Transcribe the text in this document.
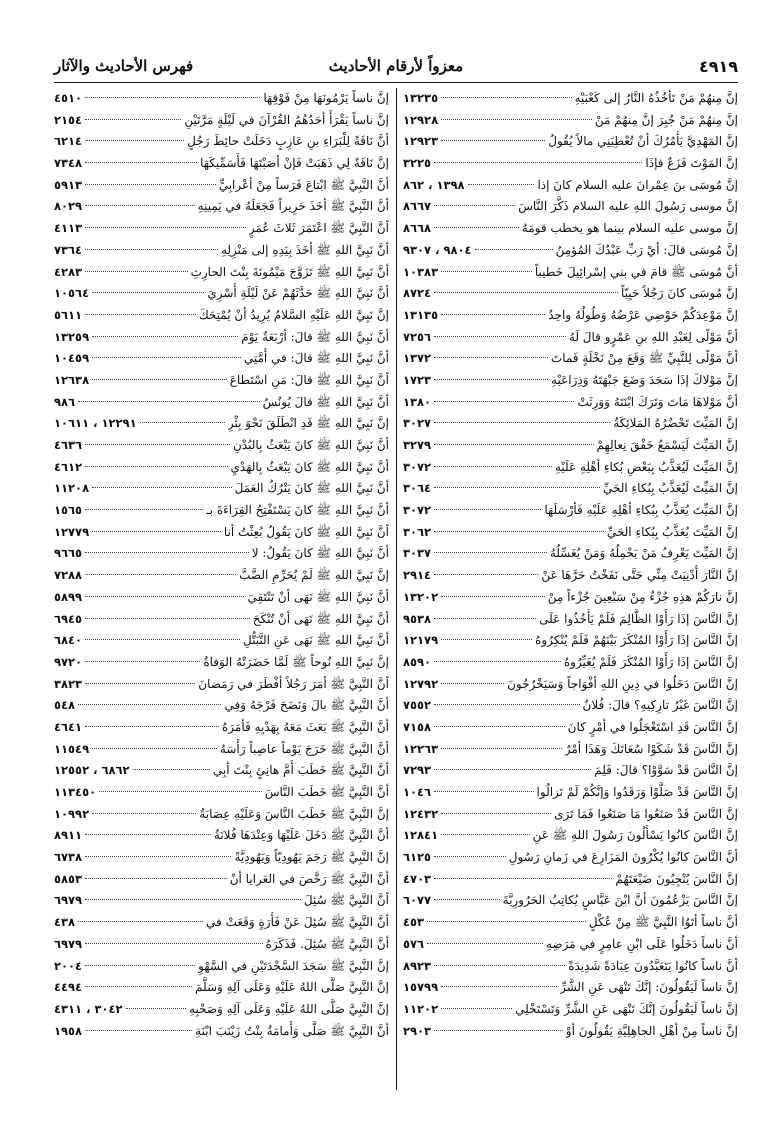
٤٩١٩
معزواً لأرقام الأحاديث
فهرس الأحاديث والآثار
إنَّ مِنهُمْ مَنْ تَأخُذُهُ النَّارُ إلى كَعْبَيْهِ
١٣٢٣٥
إنَّ مِنهُمْ مَنْ جُبِرَ إنَّ مِنهُمْ مَنْ
١٢٩٢٨
إنَّ المَهْدِيَّ يَأْمُرُكَ أنْ تُعْطِيَنِي مالاً يُقُولُ
١٢٩٢٣
إنَّ المَوْتَ فَزَعٌ فإذَا
٣٢٢٥
إنَّ مُوسَى بنَ عِمْرانَ عليه السلام كانَ إذا
١٣٩٨ ، ٨٦٢
إنَّ موسى رَسُولَ اللهِ عليه السلام ذَكَّرَ النَّاسَ
٨٦٦٧
إنَّ موسى عليه السلام بينما هو يخطب قومَهُ
٨٦٦٨
إنَّ مُوسَى قالَ: أيْ رَبِّ عَبْدُكَ المُؤمِنُ
٩٨٠٤ ، ٩٣٠٧
أنَّ مُوسَى ﷺ قامَ في بني إسْرائِيلَ خَطيباً
١٠٣٨٣
إنَّ مُوسَى كانَ رَجُلاً حَيِيّاً
٨٧٢٤
إنَّ مَوْعِدَكُمْ حَوْضِي عَرْضُهُ وَطُولُهُ واحِدٌ
١٣١٣٥
أنَّ مَوْلًى لِعَبْدِ اللهِ بنِ عَمْرٍو قالَ لَهُ
٧٢٥٦
أنَّ مَوْلًى لِلنَّبِيِّ ﷺ وَقَعَ مِنْ نَخْلَةٍ فَماتَ
١٣٧٢
إنَّ مَوْلاكَ إذَا سَجَدَ وَضَعَ جَبْهَتَهُ وَذِرَاعَيْهِ
١٧٢٣
أنَّ مَوْلاهَا مَاتَ وَتَرَكَ ابْنَتَهُ وَوَرِثَتْ
١٣٨٠
إنَّ المَيِّتَ تَحْضُرُهُ المَلائِكَةُ
٣٠٢٧
إنَّ المَيِّتَ لَيَسْمَعُ خَفْقَ نِعالِهِمْ
٣٢٧٩
إنَّ المَيِّتَ لَيُعَذَّبُ بِبَعْضِ بُكاءِ أهْلِهِ عَلَيْهِ
٣٠٧٢
إنَّ المَيِّتَ لَيُعَذَّبُ بِبُكاءِ الحَيِّ
٣٠٦٤
إنَّ المَيِّتَ يُعَذَّبُ بِبُكاءِ أهْلِهِ عَلَيْهِ فَأرْسَلَهَا
٣٠٧٢
إنَّ المَيِّتَ يُعَذَّبُ بِبُكاءِ الحَيِّ
٣٠٦٢
إنَّ المَيِّتَ يَعْرِفُ مَنْ يَحْمِلُهُ وَمَنْ يُغَسِّلُهُ
٣٠٣٧
إنَّ النَّارَ أُدْنِيَتْ مِنِّي حَتَّى نَفَخْتُ حَرَّهَا عَنْ
٢٩١٤
إنَّ نارَكُمْ هذِهِ جُزْءٌ مِنْ سَبْعِينَ جُزْءاً مِنْ
١٣٢٠٢
إنَّ النَّاسَ إذَا رَأَوْا الظَّالِمَ فَلَمْ يَأْخُذُوا عَلَى
٩٥٣٨
إنَّ النَّاسَ إذَا رَأَوْا المُنْكَرَ بَيْنَهُمْ فَلَمْ يُنْكِرُوهُ
١٢١٧٩
إنَّ النَّاسَ إذَا رَأَوْا المُنْكَرَ فَلَمْ يُغَيِّرُوهُ
٨٥٩٠
إنَّ النَّاسَ دَخَلُوا في دِينِ اللهِ أفْوَاجاً وَسَيَخْرُجُونَ
١٢٧٩٢
إنَّ النَّاسَ غَيْرُ تارِكِيهِ؟ قالَ: فُلانٌ
٧٥٥٢
إنَّ النَّاسَ قَدِ اسْتَعْجَلُوا في أمْرٍ كانَ
٧١٥٨
إنَّ النَّاسَ قَدْ شَكَوْا سُعَاتَكَ وَهَذَا أمْرٌ
١٢٢٦٣
إنَّ النَّاسَ قَدْ سَوَّوْا؟ قالَ: فَلِمَ
٧٢٩٣
إنَّ النَّاسَ قَدْ صَلَّوْا وَرَقَدُوا وَإنَّكُمْ لَمْ تَزالُوا
١٠٤٦
إنَّ النَّاسَ قَدْ صَنَعُوا مَا صَنَعُوا فَمَا تَرَى
١٢٤٣٢
إنَّ النَّاسَ كانُوا يَسْأَلُونَ رَسُولَ اللهِ ﷺ عَنِ
١٢٨٤١
أنَّ النَّاسَ كانُوا يُكْرُونَ المَزَارِعَ في زَمانِ رَسُولِ
٦١٢٥
إنَّ النَّاسَ يُنْجِيُونَ ضَيْعَتَهُمْ
٤٧٠٣
إنَّ النَّاسَ يَزْعُمُونَ أنَّ ابْنَ عَبَّاسٍ يُكاتِبُ الحَرُورِيَّةَ
٦٠٧٧
أنَّ ناساً أتَوُا النَّبِيَّ ﷺ مِنْ عُكْلٍ
٤٥٣
أنَّ ناساً دَخَلُوا عَلَى ابْنِ عامِرٍ في مَرَضِهِ
٥٧٦
أنَّ ناساً كانُوا يَتَعَبَّدُونَ عِبَادَةً شَدِيدَةً
٨٩٢٣
إنَّ ناساً لَيَقُولُونَ: إنَّكَ تَنْهَى عَنِ الشَّرِّ
١٥٧٩٩
إنَّ ناساً لَيَقُولُونَ إنَّكَ تَنْهَى عَنِ الشَّرِّ وَتَسْتَخْلِي
١١٢٠٢
إنَّ ناساً مِنْ أهْلِ الجاهِلِيَّةِ يَقُولُونَ أوْ
٢٩٠٣
إنَّ ناساً يَرْمُونَهَا مِنْ فَوْقِهَا
٤٥١٠
إنَّ ناساً يَقْرَأُ أحَدُهُمُ القُرْآنَ في لَيْلَةٍ مَرَّتَيْنِ
٢١٥٤
أنَّ نَاقَةً لِلْبَرَاءِ بنِ عَازِبٍ دَخَلَتْ حائِطَ رَجُلٍ
٦٢١٤
إنَّ نَاقَةً لِي ذَهَبَتْ فَإنْ أصَبْتَهَا فَأَسَمِّيكَهَا
٧٣٤٨
أنَّ النَّبِيَّ ﷺ ابْتاعَ فَرَساً مِنْ أعْرابِيٍّ
٥٩١٣
أنَّ النَّبِيَّ ﷺ أخَذَ حَرِيراً فَجَعَلَهُ في يَمِينِهِ
٨٠٢٩
أنَّ النَّبِيَّ ﷺ اعْتَمَرَ ثَلاثَ عُمَرٍ
٤١١٣
أنَّ نَبِيَّ اللهِ ﷺ أخَذَ بِيَدِهِ إلى مَنْزِلِهِ
٧٣٦٤
أنَّ نَبِيَّ اللهِ ﷺ تَزَوَّجَ مَيْمُونَةَ بِنْتَ الحارِثِ
٤٢٨٣
أنَّ نَبِيَّ اللهِ ﷺ حَدَّثَهُمْ عَنْ لَيْلَةِ أُسْرِيَ
١٠٥٦٤
إنَّ نَبِيَّ اللهِ عَلَيْهِ السَّلامُ يُرِيدُ أنْ يُمْتِحَكَ
٥٦١١
أنَّ نَبِيَّ اللهِ ﷺ قالَ: أرْبَعَةٌ يَوْمَ
١٣٢٥٩
أنَّ نَبِيَّ اللهِ ﷺ قالَ: في أُمَّتِي
١٠٤٥٩
أنَّ نَبِيَّ اللهِ ﷺ قالَ: مَنِ اسْتَطاعَ
١٢٦٣٨
أنَّ نَبِيَّ اللهِ ﷺ قالَ يُونُسُ
٩٨٦
إنَّ نَبِيَّ اللهِ ﷺ قَدِ انْطَلَقَ نَحْوَ بِئْرِ
١٢٢٩١ ، ١٠٦١١
أنَّ نَبِيَّ اللهِ ﷺ كانَ يَبْعَثُ بِالبُدْنِ
٤٦٣٦
أنَّ نَبِيَّ اللهِ ﷺ كانَ يَبْعَثُ بِالهَدْيِ
٤٦١٢
أنَّ نَبِيَّ اللهِ ﷺ كانَ يَتْرُكُ العَمَلَ
١١٢٠٨
أنَّ نَبِيَّ اللهِ ﷺ كانَ يَسْتَفْتِحُ القِرَاءَةَ بـ
١٥٦٥
أنَّ نَبِيَّ اللهِ ﷺ كانَ يَقُولُ بُعِثْتُ أنا
١٢٧٧٩
أنَّ نَبِيَّ اللهِ ﷺ كانَ يَقُولُ: لا
٩٦٦٥
إنَّ نَبِيَّ اللهِ ﷺ لَمْ يُحَرِّمِ الضَّبَّ
٧٢٨٨
أنَّ نَبِيَّ اللهِ ﷺ نَهَى أنْ تَنْتَقِيَ
٥٨٩٩
أنَّ نَبِيَّ اللهِ ﷺ نَهَى أنْ تُنْكَحَ
٦٩٤٥
أنَّ نَبِيَّ اللهِ ﷺ نَهَى عَنِ التَّبَتُّلِ
٦٨٤٠
إنَّ نَبِيَّ اللهِ نُوحاً ﷺ لَمَّا حَضَرَتْهُ الوَفاةُ
٩٧٢٠
أنَّ النَّبِيَّ ﷺ أمَرَ رَجُلاً أفْطَرَ في رَمَضانَ
٣٨٢٣
أنَّ النَّبِيَّ ﷺ بالَ وَنَضَحَ فَرْجَهُ وَفِي
٥٤٨
أنَّ النَّبِيَّ ﷺ بَعَثَ مَعَهُ بِهَدْيِهِ فَأمَرَهُ
٤٦٤١
أنَّ النَّبِيَّ ﷺ خَرَجَ يَوْماً عاصِباً رَأْسَهُ
١١٥٤٩
أنَّ النَّبِيَّ ﷺ خَطَبَ أُمَّ هانِئٍ بِنْتَ أبِي
٦٨٦٢ ، ١٢٥٥٢
أنَّ النَّبِيَّ ﷺ خَطَبَ النَّاسَ
١١٣٤٥٠
إنَّ النَّبِيَّ ﷺ خَطَبَ النَّاسَ وَعَلَيْهِ عِصَابَةٌ
١٠٩٩٢
أنَّ النَّبِيَّ ﷺ دَخَلَ عَلَيْهَا وَعِنْدَهَا فُلانَةُ
٨٩١١
إنَّ النَّبِيَّ ﷺ رَجَمَ يَهُودِيّاً وَيَهُودِيَّةً
٦٧٣٨
أنَّ النَّبِيَّ ﷺ رَخَّصَ في العَرايا أنْ
٥٨٥٣
أنَّ النَّبِيَّ ﷺ سُئِلَ
٦٩٧٩
أنَّ النَّبِيَّ ﷺ سُئِلَ عَنْ فَأْرَةٍ وَقَعَتْ في
٤٣٨
أنَّ النَّبِيَّ ﷺ سُئِلَ. فَذَكَرَهُ
٦٩٧٩
إنَّ النَّبِيَّ ﷺ سَجَدَ السَّجْدَتَيْنِ في السَّهْوِ
٢٠٠٤
إنَّ النَّبِيَّ صَلَّى اللهُ عَلَيْهِ وَعَلَى آلِهِ وَسَلَّمَ
٤٤٩٤
إنَّ النَّبِيَّ صَلَّى اللهُ عَلَيْهِ وَعَلَى آلِهِ وَصَحْبِهِ
٣٠٤٢ ، ٤٣١١
أنَّ النَّبِيَّ ﷺ صَلَّى وَأُمامَةُ بِنْتُ زَيْنَبَ ابْنَةِ
١٩٥٨
